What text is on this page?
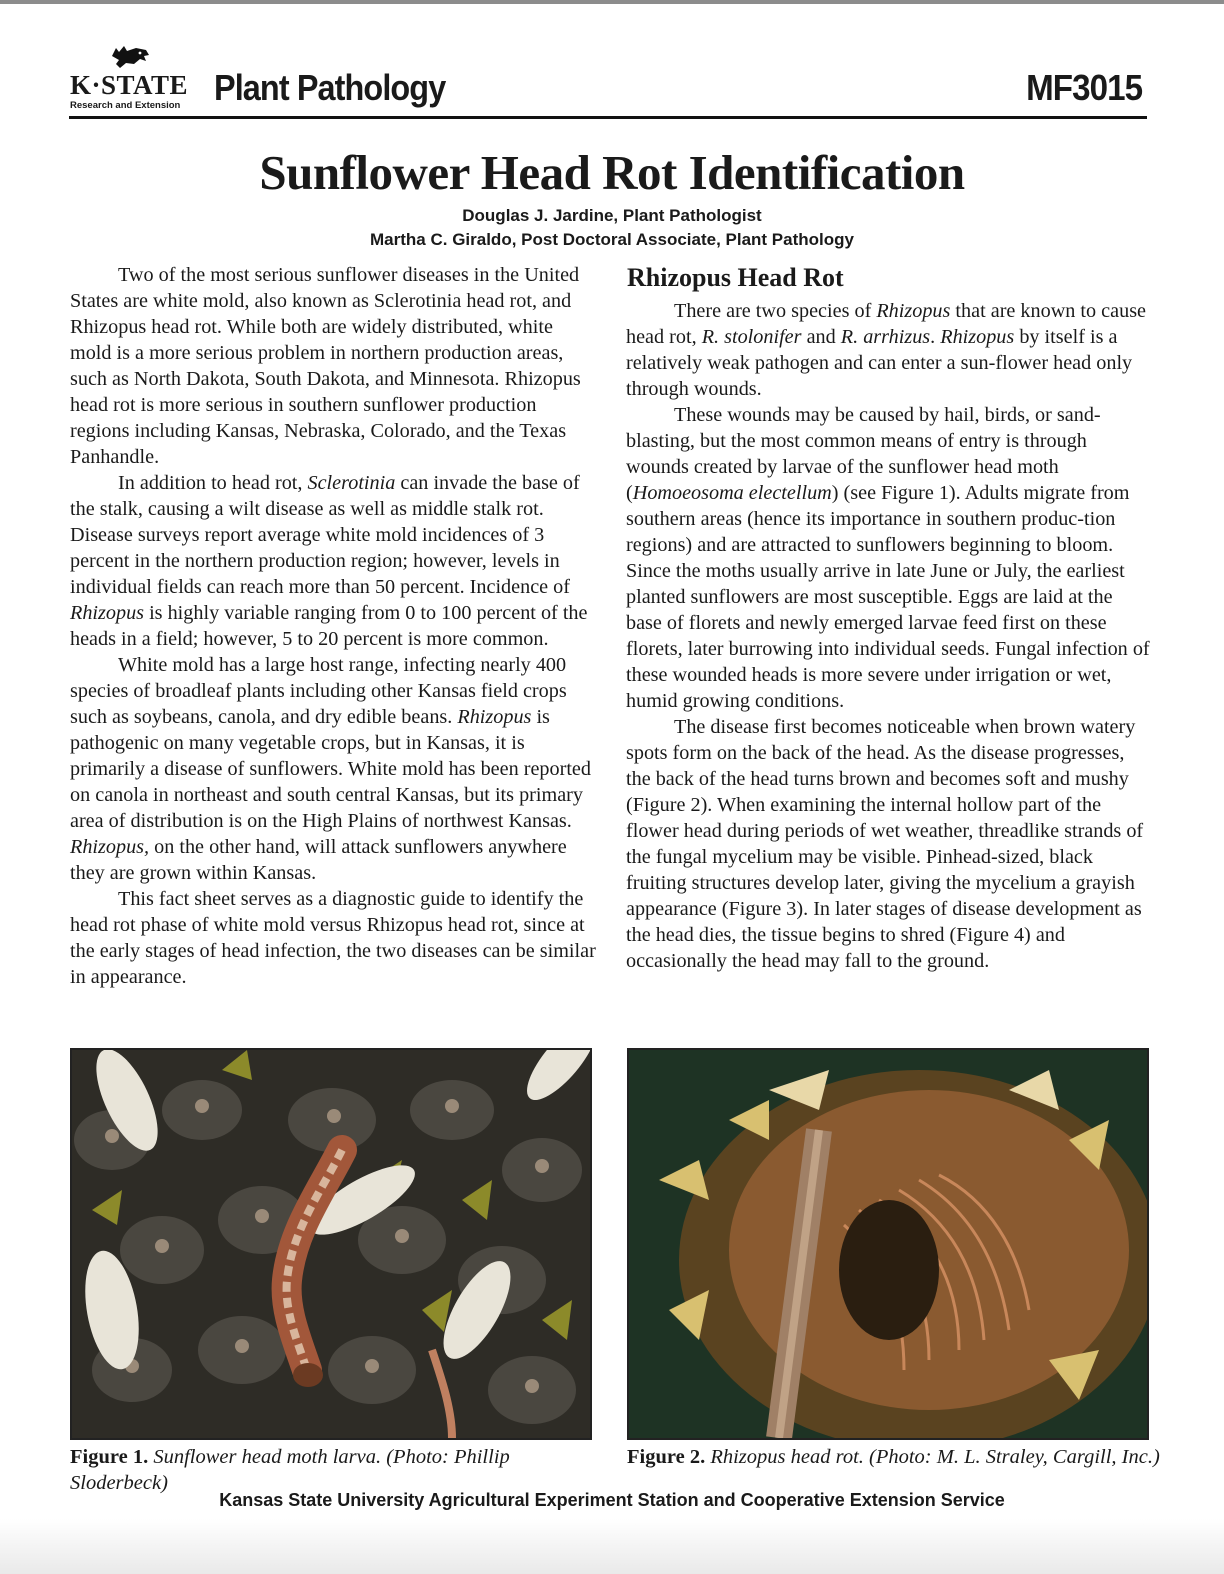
K·STATE
Research and Extension Plant Pathology	MF3015
Sunflower Head Rot Identification
Douglas J. Jardine, Plant Pathologist
Martha C. Giraldo, Post Doctoral Associate, Plant Pathology

Two of the most serious sunflower diseases in the United States are white mold, also known as Sclerotinia head rot, and Rhizopus head rot. While both are widely distributed, white mold is a more serious problem in northern production areas, such as North Dakota, South Dakota, and Minnesota. Rhizopus head rot is more serious in southern sunflower production regions including Kansas, Nebraska, Colorado, and the Texas Panhandle.

In addition to head rot, Sclerotinia can invade the base of the stalk, causing a wilt disease as well as middle stalk rot. Disease surveys report average white mold incidences of 3 percent in the northern production region; however, levels in individual fields can reach more than 50 percent. Incidence of Rhizopus is highly variable ranging from 0 to 100 percent of the heads in a field; however, 5 to 20 percent is more common.

White mold has a large host range, infecting nearly 400 species of broadleaf plants including other Kansas field crops such as soybeans, canola, and dry edible beans. Rhizopus is pathogenic on many vegetable crops, but in Kansas, it is primarily a disease of sunflowers. White mold has been reported on canola in northeast and south central Kansas, but its primary area of distribution is on the High Plains of northwest Kansas. Rhizopus, on the other hand, will attack sunflowers anywhere they are grown within Kansas.

This fact sheet serves as a diagnostic guide to identify the head rot phase of white mold versus Rhizopus head rot, since at the early stages of head infection, the two diseases can be similar in appearance.

Rhizopus Head Rot

There are two species of Rhizopus that are known to cause head rot, R. stolonifer and R. arrhizus. Rhizopus by itself is a relatively weak pathogen and can enter a sun-flower head only through wounds.

These wounds may be caused by hail, birds, or sand-blasting, but the most common means of entry is through wounds created by larvae of the sunflower head moth (Homoeosoma electellum) (see Figure 1). Adults migrate from southern areas (hence its importance in southern produc-tion regions) and are attracted to sunflowers beginning to bloom. Since the moths usually arrive in late June or July, the earliest planted sunflowers are most susceptible. Eggs are laid at the base of florets and newly emerged larvae feed first on these florets, later burrowing into individual seeds. Fungal infection of these wounded heads is more severe under irrigation or wet, humid growing conditions.

The disease first becomes noticeable when brown watery spots form on the back of the head. As the disease progresses, the back of the head turns brown and becomes soft and mushy (Figure 2). When examining the internal hollow part of the flower head during periods of wet weather, threadlike strands of the fungal mycelium may be visible. Pinhead-sized, black fruiting structures develop later, giving the mycelium a grayish appearance (Figure 3). In later stages of disease development as the head dies, the tissue begins to shred (Figure 4) and occasionally the head may fall to the ground.

Figure 1. Sunflower head moth larva. (Photo: Phillip Sloderbeck)
Figure 2. Rhizopus head rot. (Photo: M. L. Straley, Cargill, Inc.)
Kansas State University Agricultural Experiment Station and Cooperative Extension Service
